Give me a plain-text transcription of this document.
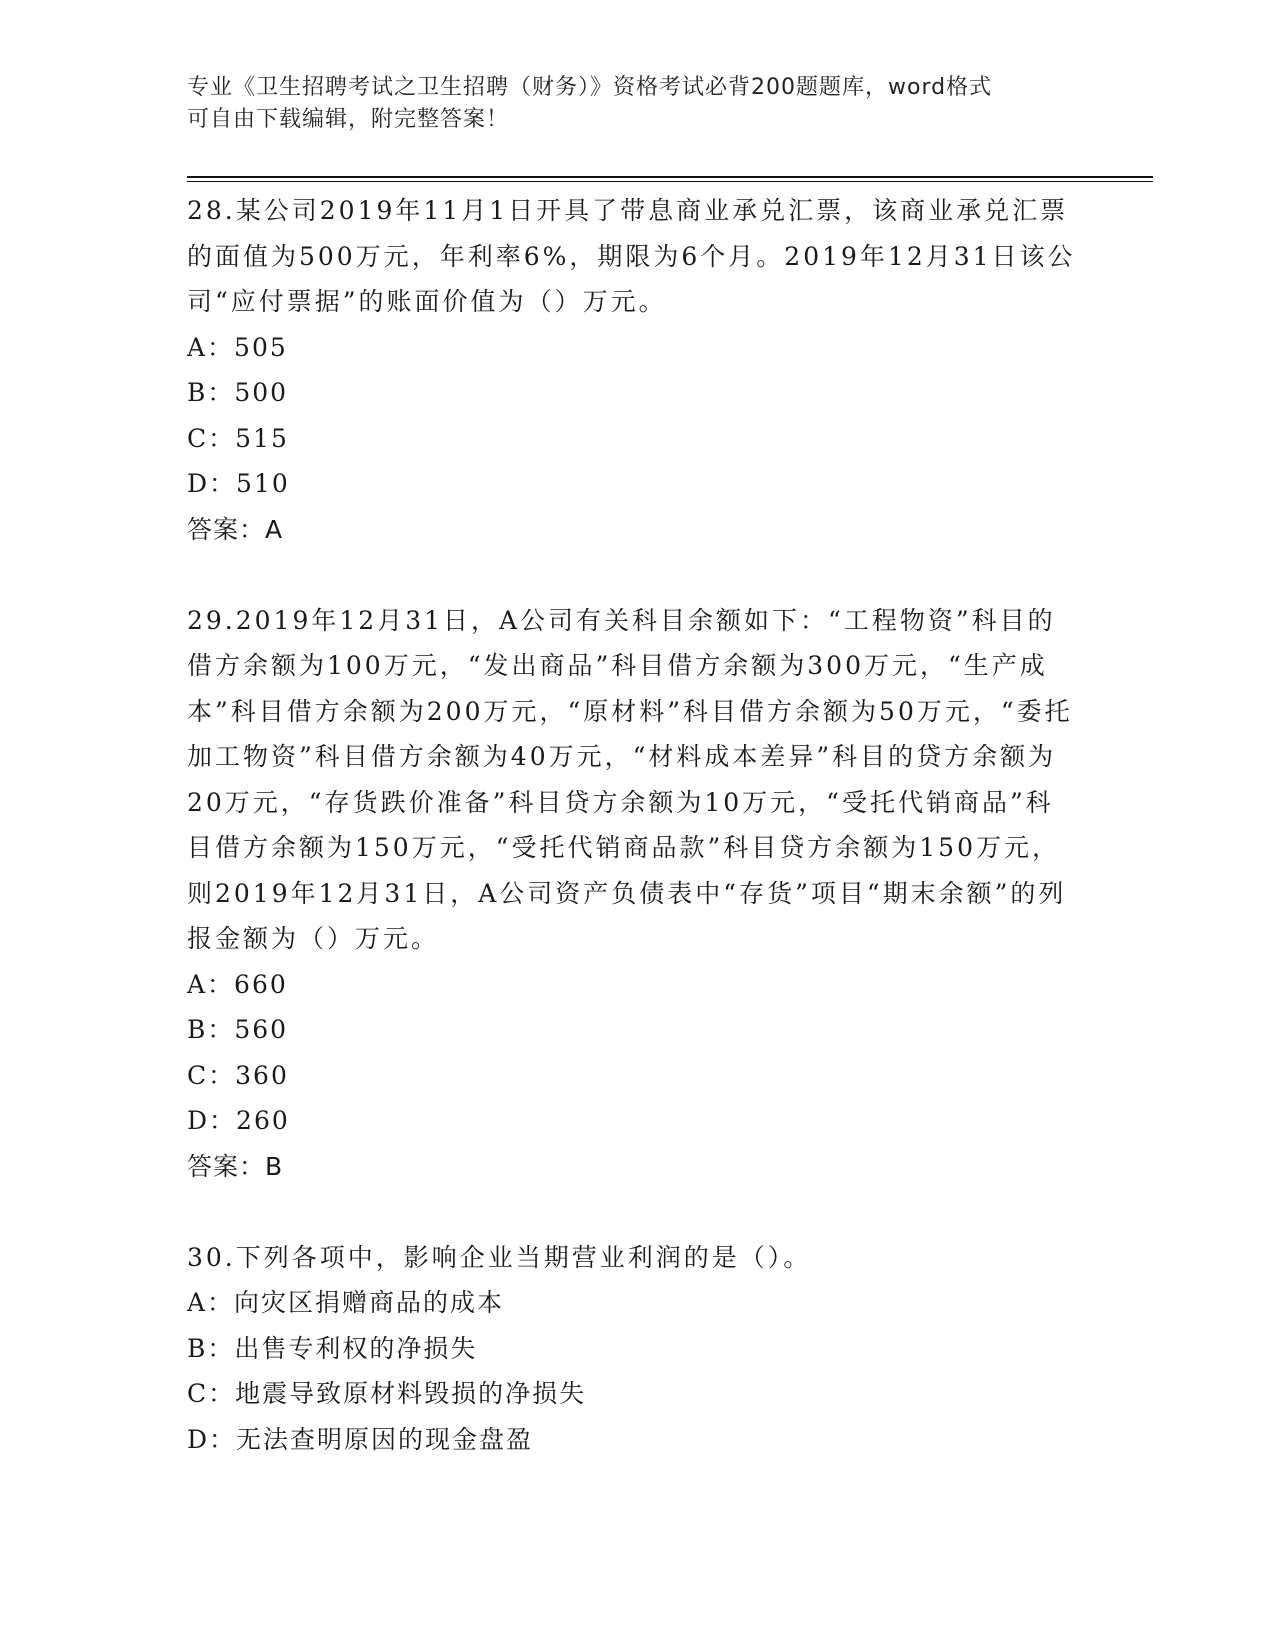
专业《卫生招聘考试之卫生招聘（财务）》资格考试必背200题题库，word格式
可自由下载编辑，附完整答案！

28.某公司2019年11月1日开具了带息商业承兑汇票，该商业承兑汇票的面值为500万元，年利率6%，期限为6个月。2019年12月31日该公司“应付票据”的账面价值为（）万元。

A：505

B：500

C：515

D：510

答案：A

29.2019年12月31日，A公司有关科目余额如下：“工程物资”科目的借方余额为100万元，“发出商品”科目借方余额为300万元，“生产成本”科目借方余额为200万元，“原材料”科目借方余额为50万元，“委托加工物资”科目借方余额为40万元，“材料成本差异”科目的贷方余额为20万元，“存货跌价准备”科目贷方余额为10万元，“受托代销商品”科目借方余额为150万元，“受托代销商品款”科目贷方余额为150万元，则2019年12月31日，A公司资产负债表中“存货”项目“期末余额”的列报金额为（）万元。

A：660

B：560

C：360

D：260

答案：B

30.下列各项中，影响企业当期营业利润的是（）。

A：向灾区捐赠商品的成本

B：出售专利权的净损失

C：地震导致原材料毁损的净损失

D：无法查明原因的现金盘盈
